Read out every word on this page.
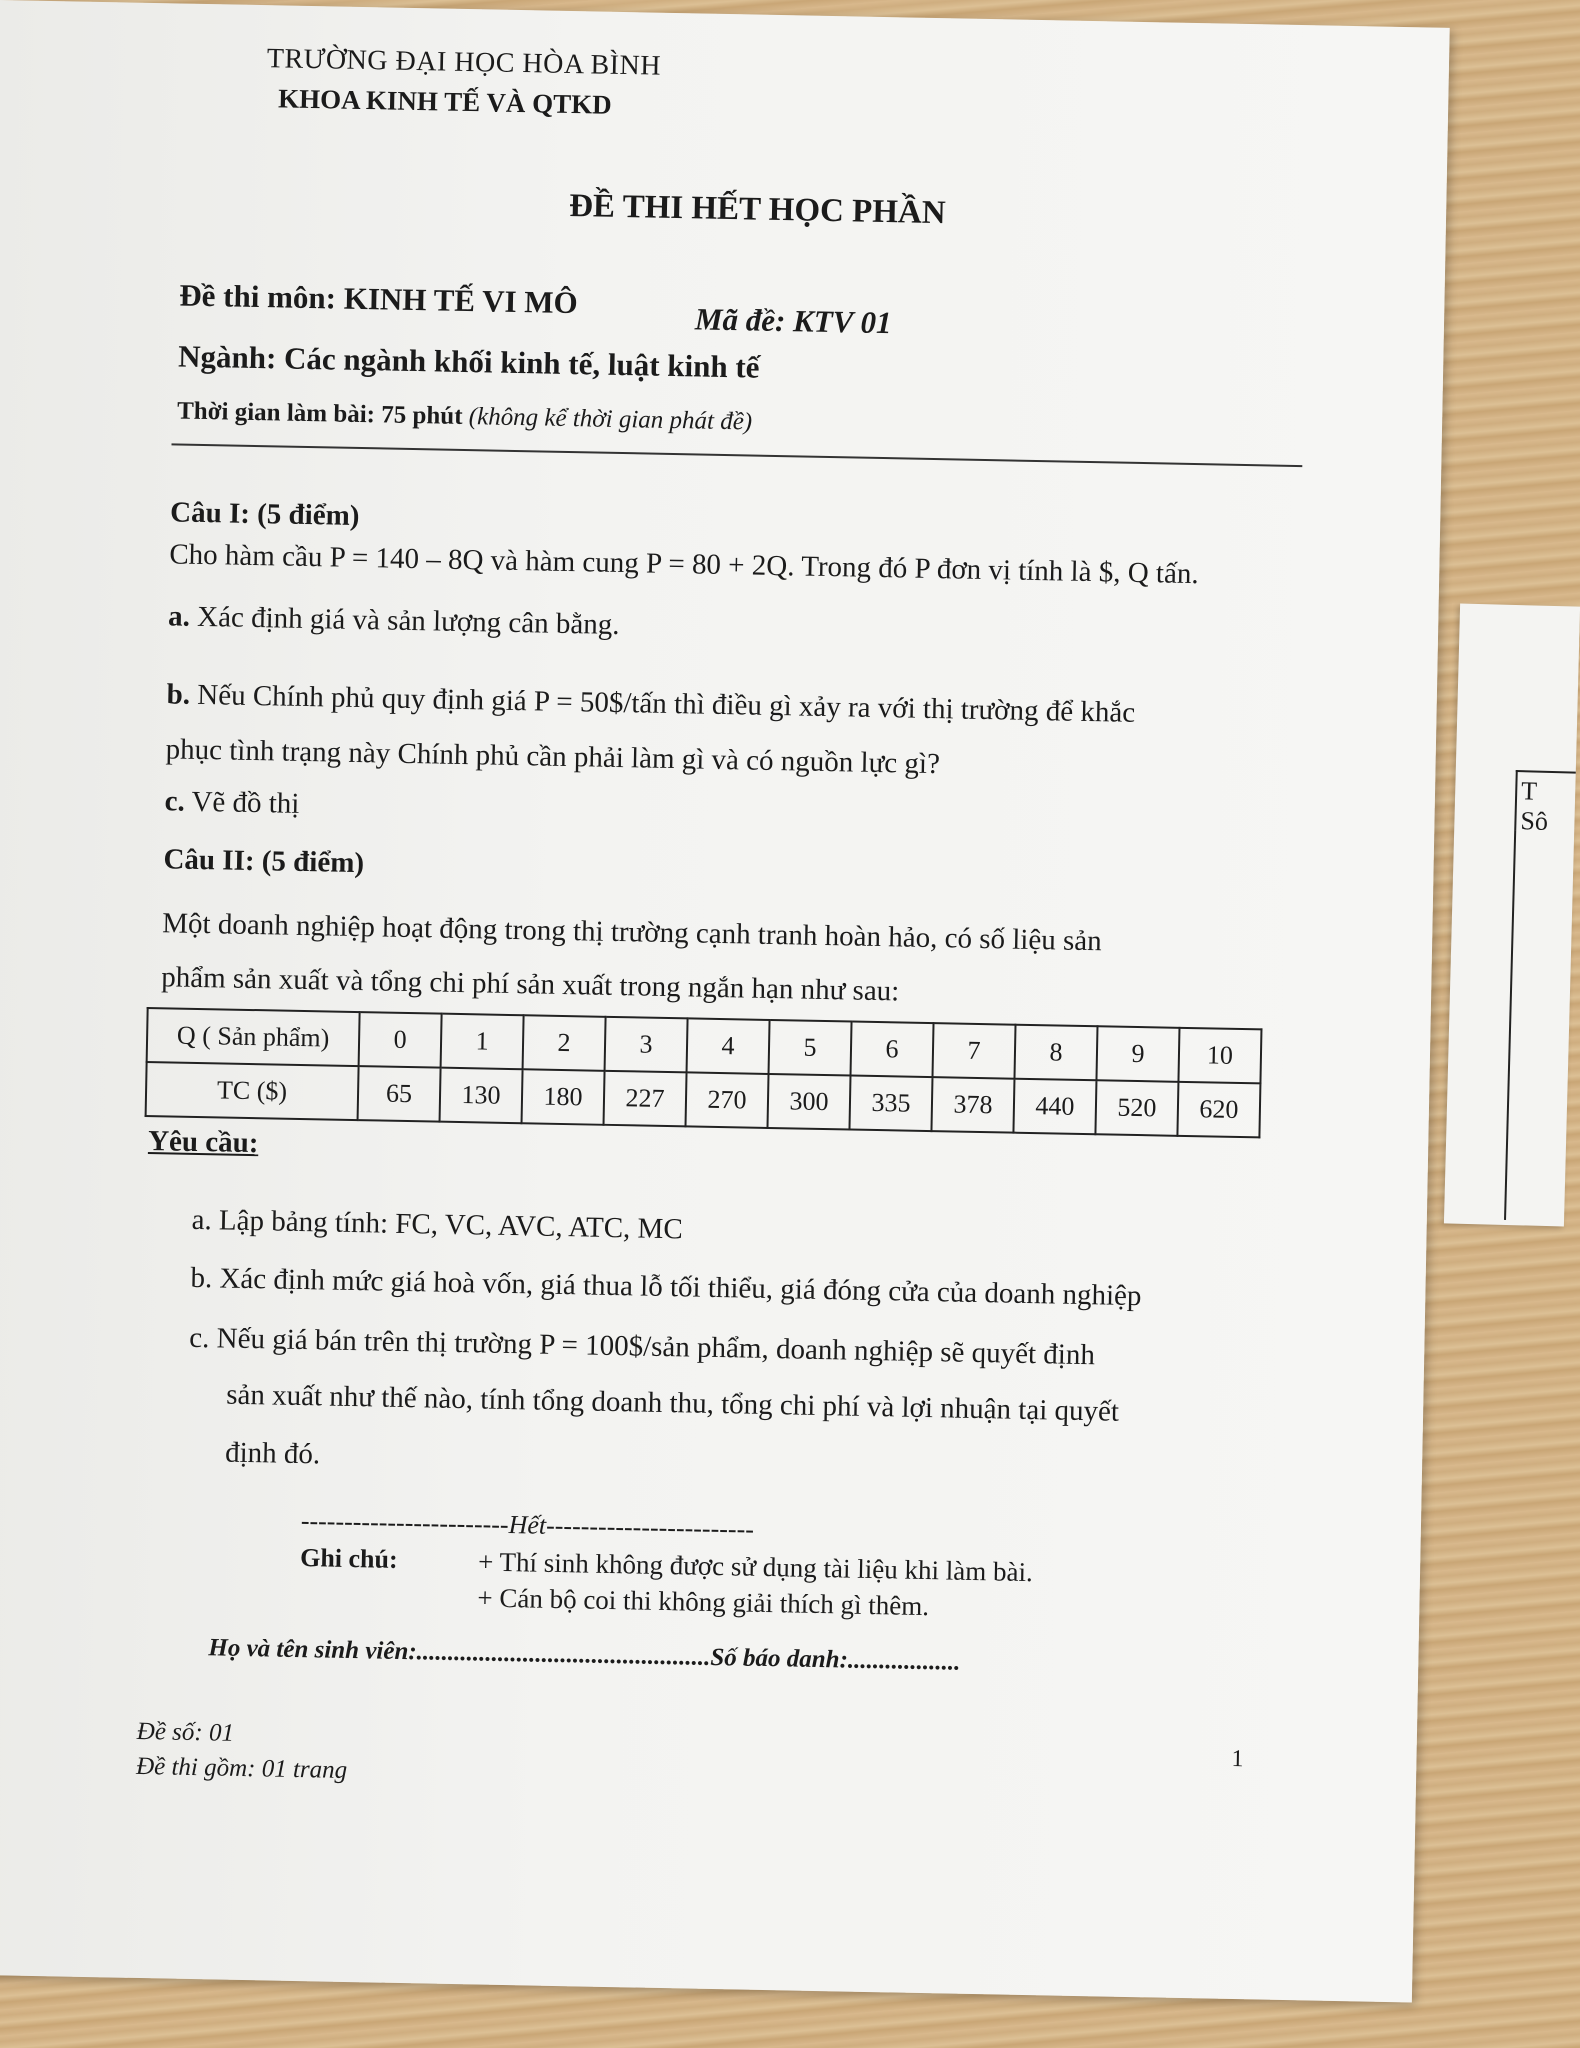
T
Sô
TRƯỜNG ĐẠI HỌC HÒA BÌNH
KHOA KINH TẾ VÀ QTKD
ĐỀ THI HẾT HỌC PHẦN
Đề thi môn: KINH TẾ VI MÔ
Mã đề: KTV 01
Ngành: Các ngành khối kinh tế, luật kinh tế
Thời gian làm bài: 75 phút (không kể thời gian phát đề)
Câu I: (5 điểm)
Cho hàm cầu P = 140 – 8Q và hàm cung P = 80 + 2Q. Trong đó P đơn vị tính là $, Q tấn.
a. Xác định giá và sản lượng cân bằng.
b. Nếu Chính phủ quy định giá P = 50$/tấn thì điều gì xảy ra với thị trường để khắc
phục tình trạng này Chính phủ cần phải làm gì và có nguồn lực gì?
c. Vẽ đồ thị
Câu II: (5 điểm)
Một doanh nghiệp hoạt động trong thị trường cạnh tranh hoàn hảo, có số liệu sản
phẩm sản xuất và tổng chi phí sản xuất trong ngắn hạn như sau:
Q ( Sản phẩm)	0	1	2	3	4	5	6	7	8	9	10
TC ($)	65	130	180	227	270	300	335	378	440	520	620
Yêu cầu:
a. Lập bảng tính: FC, VC, AVC, ATC, MC
b. Xác định mức giá hoà vốn, giá thua lỗ tối thiểu, giá đóng cửa của doanh nghiệp
c. Nếu giá bán trên thị trường P = 100$/sản phẩm, doanh nghiệp sẽ quyết định
sản xuất như thế nào, tính tổng doanh thu, tổng chi phí và lợi nhuận tại quyết
định đó.
------------------------Hết------------------------
Ghi chú:	+ Thí sinh không được sử dụng tài liệu khi làm bài.
+ Cán bộ coi thi không giải thích gì thêm.
Họ và tên sinh viên:...............................................Số báo danh:..................
Đề số: 01
Đề thi gồm: 01 trang	1
